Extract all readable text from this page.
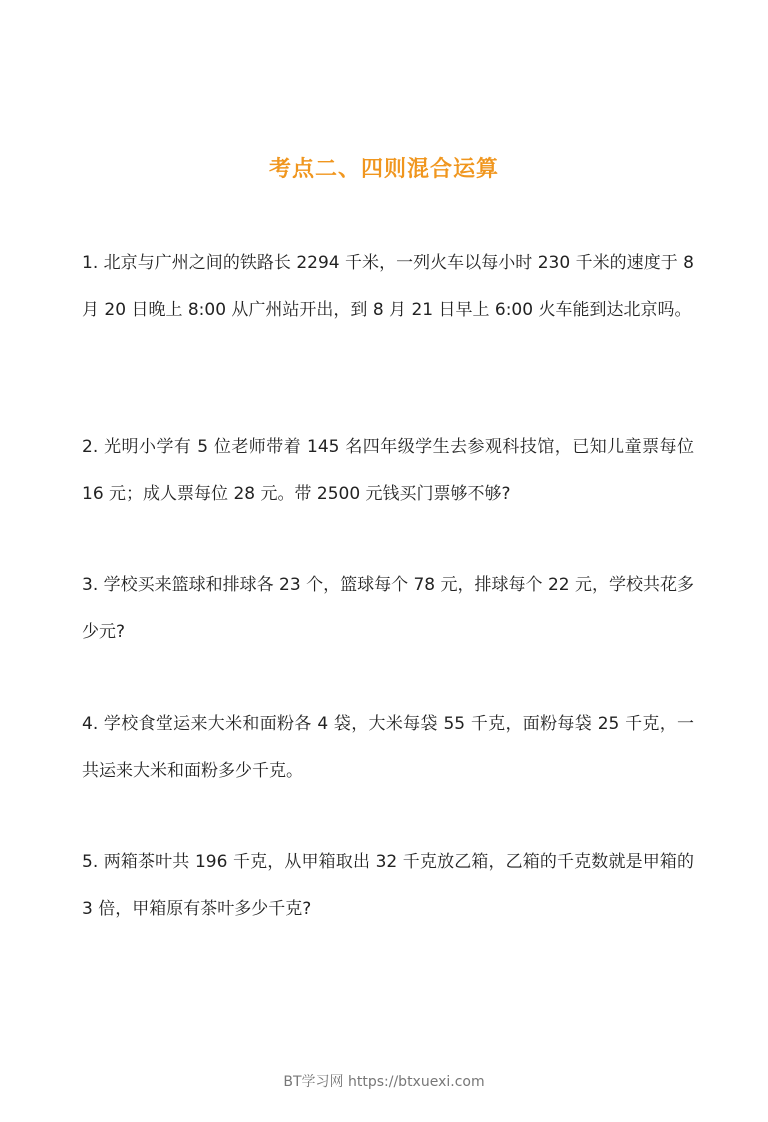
考点二、四则混合运算
1. 北京与广州之间的铁路长 2294 千米，一列火车以每小时 230 千米的速度于 8 月 20 日晚上 8:00 从广州站开出，到 8 月 21 日早上 6:00 火车能到达北京吗。
2. 光明小学有 5 位老师带着 145 名四年级学生去参观科技馆，已知儿童票每位 16 元；成人票每位 28 元。带 2500 元钱买门票够不够?
3. 学校买来篮球和排球各 23 个，篮球每个 78 元，排球每个 22 元，学校共花多少元?
4. 学校食堂运来大米和面粉各 4 袋，大米每袋 55 千克，面粉每袋 25 千克，一共运来大米和面粉多少千克。
5. 两箱茶叶共 196 千克，从甲箱取出 32 千克放乙箱，乙箱的千克数就是甲箱的 3 倍，甲箱原有茶叶多少千克?
BT学习网 https://btxuexi.com
